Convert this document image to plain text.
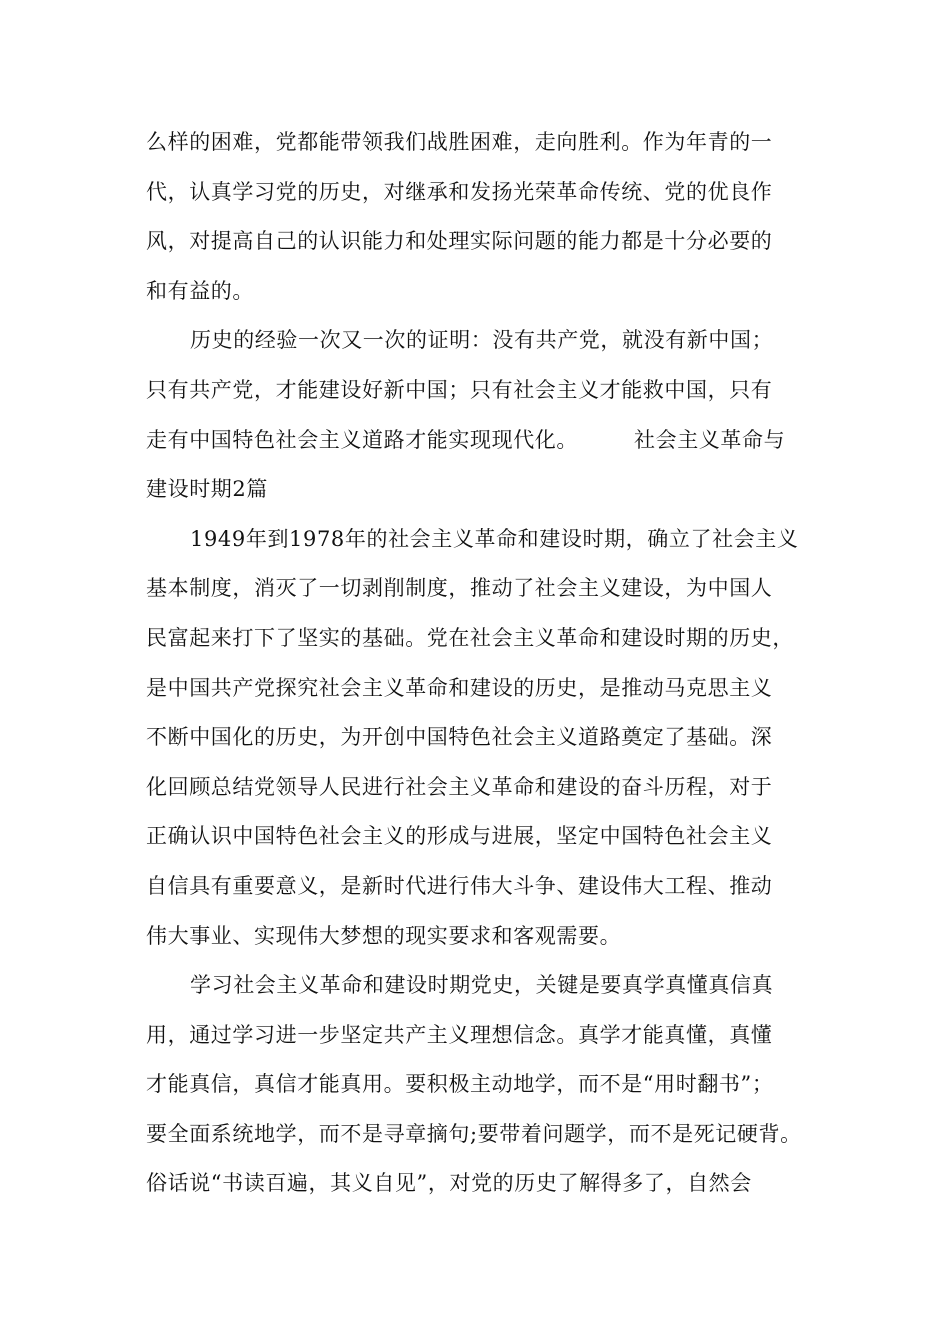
么样的困难，党都能带领我们战胜困难，走向胜利。作为年青的一
代，认真学习党的历史，对继承和发扬光荣革命传统、党的优良作
风，对提高自己的认识能力和处理实际问题的能力都是十分必要的
和有益的。
历史的经验一次又一次的证明：没有共产党，就没有新中国；
只有共产党，才能建设好新中国；只有社会主义才能救中国，只有
走有中国特色社会主义道路才能实现现代化。	社会主义革命与
建设时期2篇
1949年到1978年的社会主义革命和建设时期，确立了社会主义
基本制度，消灭了一切剥削制度，推动了社会主义建设，为中国人
民富起来打下了坚实的基础。党在社会主义革命和建设时期的历史，
是中国共产党探究社会主义革命和建设的历史，是推动马克思主义
不断中国化的历史，为开创中国特色社会主义道路奠定了基础。深
化回顾总结党领导人民进行社会主义革命和建设的奋斗历程，对于
正确认识中国特色社会主义的形成与进展，坚定中国特色社会主义
自信具有重要意义，是新时代进行伟大斗争、建设伟大工程、推动
伟大事业、实现伟大梦想的现实要求和客观需要。
学习社会主义革命和建设时期党史，关键是要真学真懂真信真
用，通过学习进一步坚定共产主义理想信念。真学才能真懂，真懂
才能真信，真信才能真用。要积极主动地学，而不是“用时翻书”；
要全面系统地学，而不是寻章摘句;要带着问题学，而不是死记硬背。
俗话说“书读百遍，其义自见”，对党的历史了解得多了，自然会
